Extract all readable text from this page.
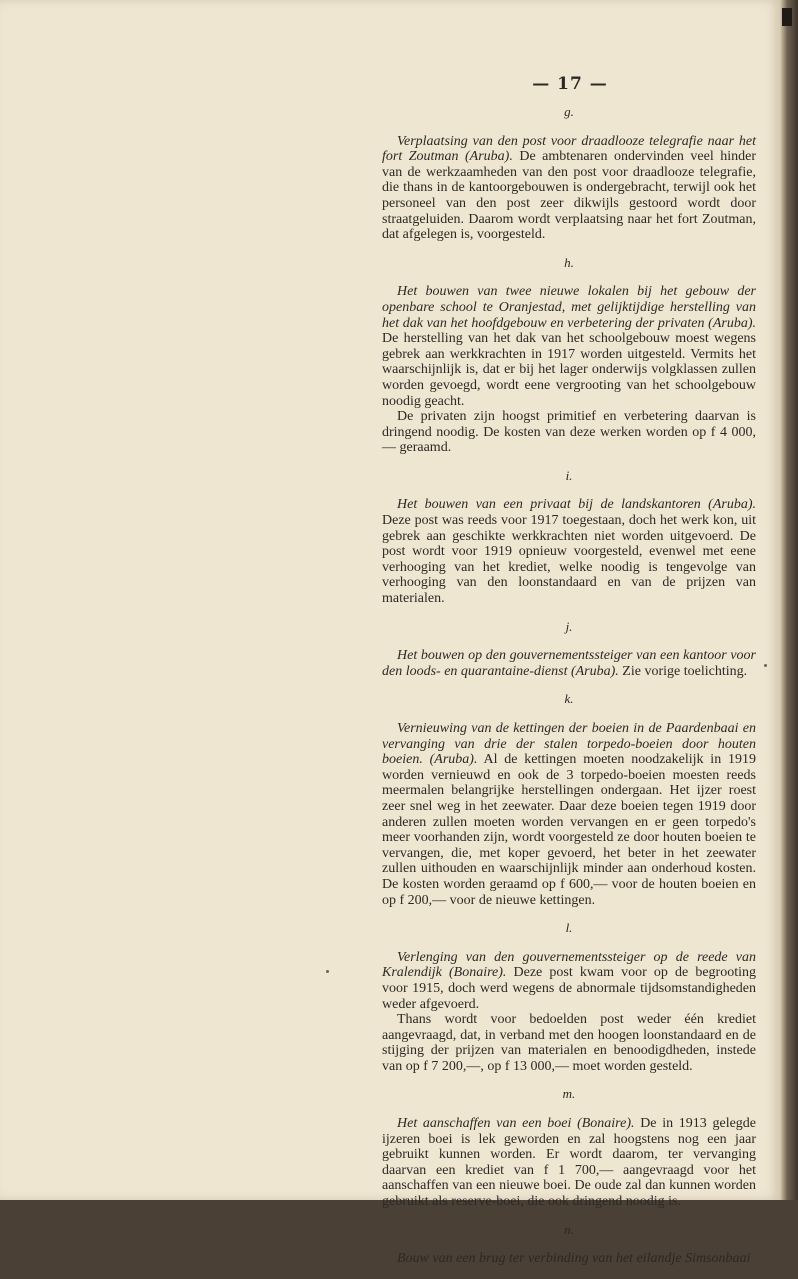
— 17 —
g.

Verplaatsing van den post voor draadlooze telegrafie naar het fort Zoutman (Aruba). De ambtenaren ondervinden veel hinder van de werkzaamheden van den post voor draadlooze telegrafie, die thans in de kantoorgebouwen is ondergebracht, terwijl ook het personeel van den post zeer dikwijls gestoord wordt door straatgeluiden. Daarom wordt verplaatsing naar het fort Zoutman, dat afgelegen is, voorgesteld.

h.

Het bouwen van twee nieuwe lokalen bij het gebouw der openbare school te Oranjestad, met gelijktijdige herstelling van het dak van het hoofdgebouw en verbetering der privaten (Aruba). De herstelling van het dak van het schoolgebouw moest wegens gebrek aan werkkrachten in 1917 worden uitgesteld. Vermits het waarschijnlijk is, dat er bij het lager onderwijs volgklassen zullen worden gevoegd, wordt eene vergrooting van het schoolgebouw noodig geacht.

De privaten zijn hoogst primitief en verbetering daarvan is dringend noodig. De kosten van deze werken worden op f 4 000,— geraamd.

i.

Het bouwen van een privaat bij de landskantoren (Aruba). Deze post was reeds voor 1917 toegestaan, doch het werk kon, uit gebrek aan geschikte werkkrachten niet worden uitgevoerd. De post wordt voor 1919 opnieuw voorgesteld, evenwel met eene verhooging van het krediet, welke noodig is tengevolge van verhooging van den loonstandaard en van de prijzen van materialen.

j.

Het bouwen op den gouvernementssteiger van een kantoor voor den loods- en quarantaine-dienst (Aruba). Zie vorige toelichting.

k.

Vernieuwing van de kettingen der boeien in de Paardenbaai en vervanging van drie der stalen torpedo-boeien door houten boeien. (Aruba). Al de kettingen moeten noodzakelijk in 1919 worden vernieuwd en ook de 3 torpedo-boeien moesten reeds meermalen belangrijke herstellingen ondergaan. Het ijzer roest zeer snel weg in het zeewater. Daar deze boeien tegen 1919 door anderen zullen moeten worden vervangen en er geen torpedo's meer voorhanden zijn, wordt voorgesteld ze door houten boeien te vervangen, die, met koper gevoerd, het beter in het zeewater zullen uithouden en waarschijnlijk minder aan onderhoud kosten. De kosten worden geraamd op f 600,— voor de houten boeien en op f 200,— voor de nieuwe kettingen.

l.

Verlenging van den gouvernementssteiger op de reede van Kralendijk (Bonaire). Deze post kwam voor op de begrooting voor 1915, doch werd wegens de abnormale tijdsomstandigheden weder afgevoerd.

Thans wordt voor bedoelden post weder één krediet aangevraagd, dat, in verband met den hoogen loonstandaard en de stijging der prijzen van materialen en benoodigdheden, instede van op f 7 200,—, op f 13 000,— moet worden gesteld.

m.

Het aanschaffen van een boei (Bonaire). De in 1913 gelegde ijzeren boei is lek geworden en zal hoogstens nog een jaar gebruikt kunnen worden. Er wordt daarom, ter vervanging daarvan een krediet van f 1 700,— aangevraagd voor het aanschaffen van een nieuwe boei. De oude zal dan kunnen worden gebruikt als reserve-boei, die ook dringend noodig is.

n.

Bouw van een brug ter verbinding van het eilandje Simsonbaai
